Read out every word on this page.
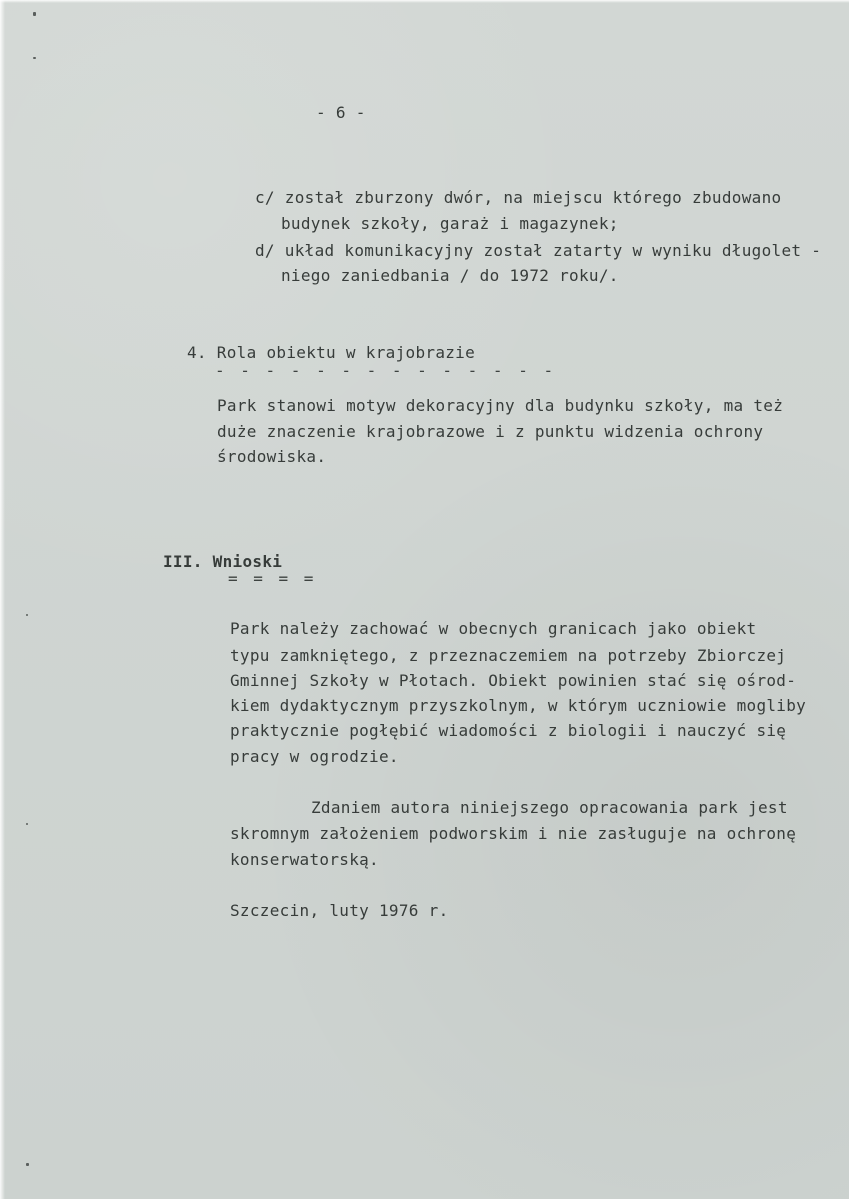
- 6 -
c/ został zburzony dwór, na miejscu którego zbudowano
budynek szkoły, garaż i magazynek;
d/ układ komunikacyjny został zatarty w wyniku długolet -
niego zaniedbania / do 1972 roku/.
4. Rola obiektu w krajobrazie
- - - - - - - - - - - - - -
Park stanowi motyw dekoracyjny dla budynku szkoły, ma też
duże znaczenie krajobrazowe i z punktu widzenia ochrony
środowiska.
III. Wnioski
= = = =
Park należy zachować w obecnych granicach jako obiekt
typu zamkniętego, z przeznaczemiem na potrzeby Zbiorczej
Gminnej Szkoły w Płotach. Obiekt powinien stać się ośrod-
kiem dydaktycznym przyszkolnym, w którym uczniowie mogliby
praktycznie pogłębić wiadomości z biologii i nauczyć się
pracy w ogrodzie.
Zdaniem autora niniejszego opracowania park jest
skromnym założeniem podworskim i nie zasługuje na ochronę
konserwatorską.
Szczecin, luty 1976 r.
